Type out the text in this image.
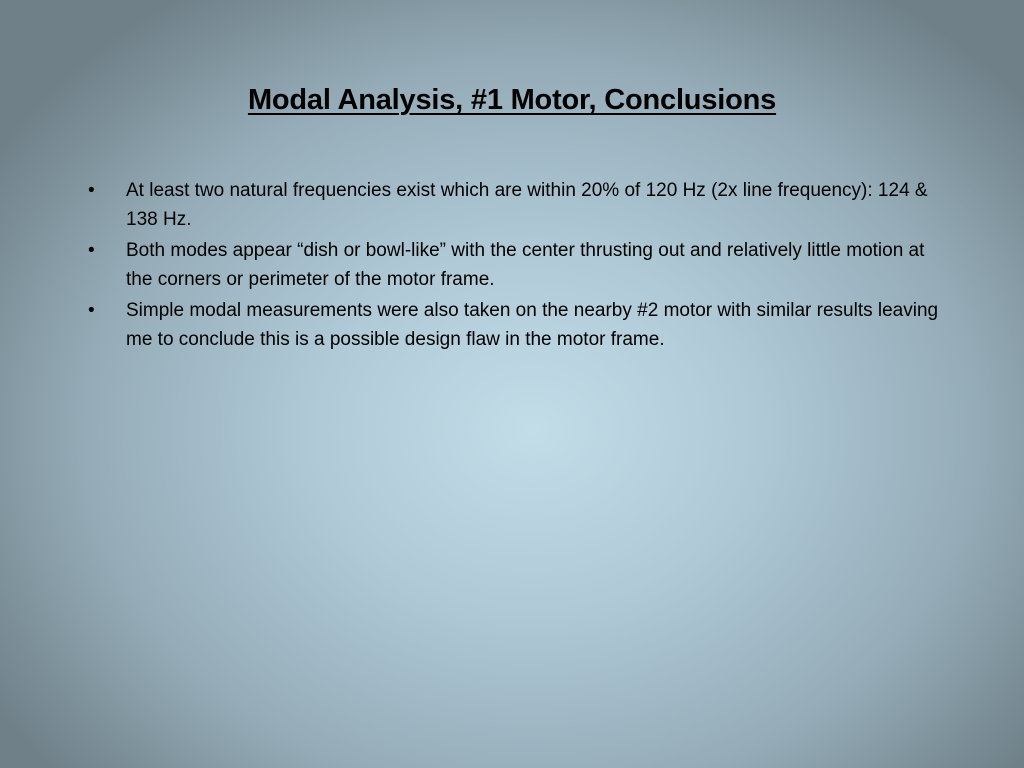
Modal Analysis, #1 Motor, Conclusions
• At least two natural frequencies exist which are within 20% of 120 Hz (2x line frequency): 124 & 138 Hz.
• Both modes appear “dish or bowl-like” with the center thrusting out and relatively little motion at the corners or perimeter of the motor frame.
• Simple modal measurements were also taken on the nearby #2 motor with similar results leaving me to conclude this is a possible design flaw in the motor frame.
